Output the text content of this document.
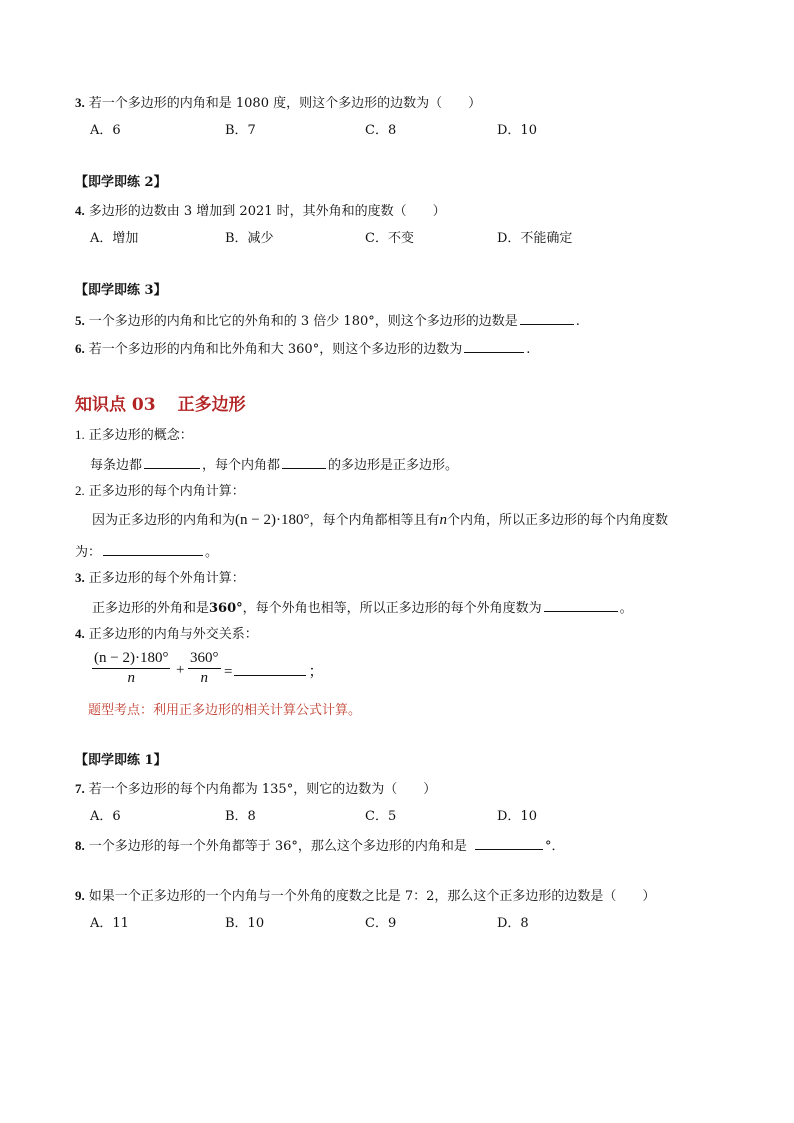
3. 若一个多边形的内角和是 1080 度，则这个多边形的边数为（　　）
A．6	B．7	C．8	D．10
【即学即练 2】
4. 多边形的边数由 3 增加到 2021 时，其外角和的度数（　　）
A．增加	B．减少	C．不变	D．不能确定
【即学即练 3】
5. 一个多边形的内角和比它的外角和的 3 倍少 180°，则这个多边形的边数是	.
6. 若一个多边形的内角和比外角和大 360°，则这个多边形的边数为	.
知识点 03 正多边形
1. 正多边形的概念：
每条边都	，每个内角都	的多边形是正多边形。
2. 正多边形的每个内角计算：
因为正多边形的内角和为(n − 2)·180°，每个内角都相等且有n个内角，所以正多边形的每个内角度数
为：	。
3. 正多边形的每个外角计算：
正多边形的外角和是360°，每个外角也相等，所以正多边形的每个外角度数为	。
4. 正多边形的内角与外交关系：
$\frac{(n - 2)\cdot 180^\circ}{n} + \frac{360^\circ}{n}$ =	；
题型考点：利用正多边形的相关计算公式计算。
【即学即练 1】
7. 若一个多边形的每个内角都为 135°，则它的边数为（　　）
A．6	B．8	C．5	D．10
8. 一个多边形的每一个外角都等于 36°，那么这个多边形的内角和是	°．
9. 如果一个正多边形的一个内角与一个外角的度数之比是 7：2，那么这个正多边形的边数是（　　）
A．11	B．10	C．9	D．8
